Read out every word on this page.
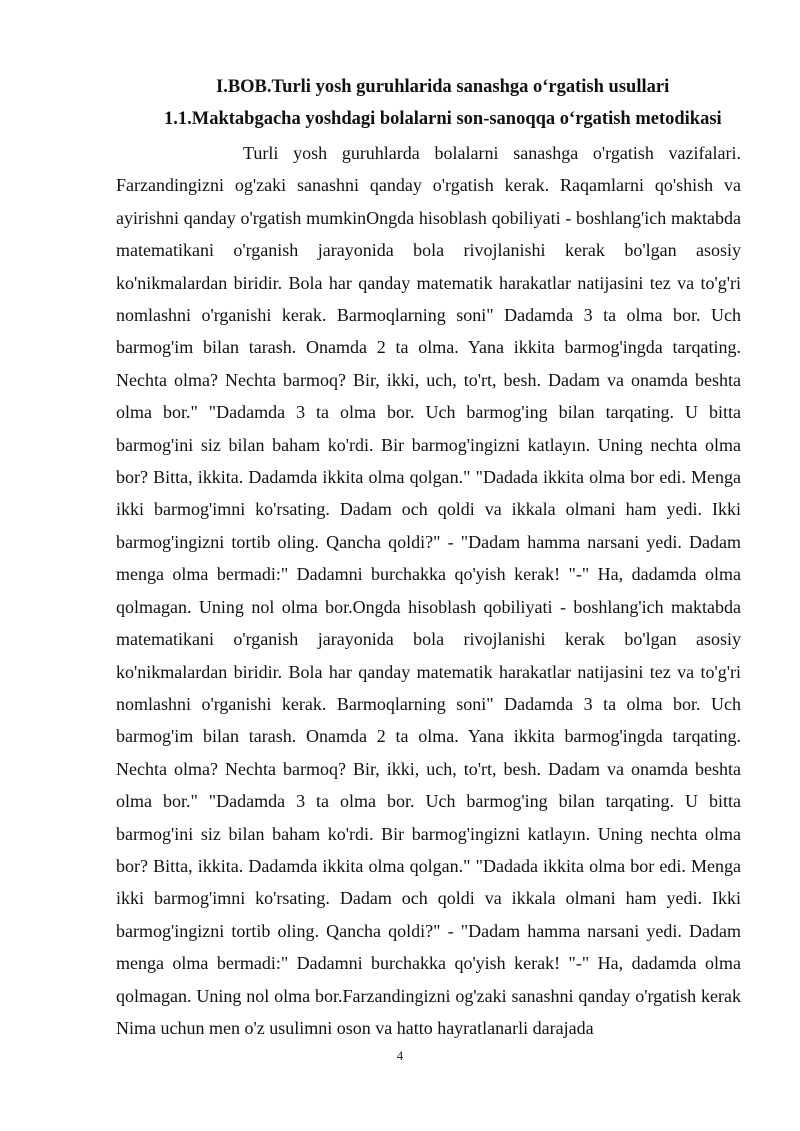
I.BOB.Turli yosh guruhlarida sanashga o‘rgatish usullari
1.1.Maktabgacha yoshdagi bolalarni son-sanoqqa o‘rgatish metodikasi

Turli yosh guruhlarda bolalarni sanashga o'rgatish vazifalari. Farzandingizni og'zaki sanashni qanday o'rgatish kerak. Raqamlarni qo'shish va ayirishni qanday o'rgatish mumkinOngda hisoblash qobiliyati - boshlang'ich maktabda matematikani o'rganish jarayonida bola rivojlanishi kerak bo'lgan asosiy ko'nikmalardan biridir. Bola har qanday matematik harakatlar natijasini tez va to'g'ri nomlashni o'rganishi kerak. Barmoqlarning soni" Dadamda 3 ta olma bor. Uch barmog'im bilan tarash. Onamda 2 ta olma. Yana ikkita barmog'ingda tarqating. Nechta olma? Nechta barmoq? Bir, ikki, uch, to'rt, besh. Dadam va onamda beshta olma bor." "Dadamda 3 ta olma bor. Uch barmog'ing bilan tarqating. U bitta barmog'ini siz bilan baham ko'rdi. Bir barmog'ingizni katlayın. Uning nechta olma bor? Bitta, ikkita. Dadamda ikkita olma qolgan." "Dadada ikkita olma bor edi. Menga ikki barmog'imni ko'rsating. Dadam och qoldi va ikkala olmani ham yedi. Ikki barmog'ingizni tortib oling. Qancha qoldi?" - "Dadam hamma narsani yedi. Dadam menga olma bermadi:" Dadamni burchakka qo'yish kerak! "-" Ha, dadamda olma qolmagan. Uning nol olma bor.Ongda hisoblash qobiliyati - boshlang'ich maktabda matematikani o'rganish jarayonida bola rivojlanishi kerak bo'lgan asosiy ko'nikmalardan biridir. Bola har qanday matematik harakatlar natijasini tez va to'g'ri nomlashni o'rganishi kerak. Barmoqlarning soni" Dadamda 3 ta olma bor. Uch barmog'im bilan tarash. Onamda 2 ta olma. Yana ikkita barmog'ingda tarqating. Nechta olma? Nechta barmoq? Bir, ikki, uch, to'rt, besh. Dadam va onamda beshta olma bor." "Dadamda 3 ta olma bor. Uch barmog'ing bilan tarqating. U bitta barmog'ini siz bilan baham ko'rdi. Bir barmog'ingizni katlayın. Uning nechta olma bor? Bitta, ikkita. Dadamda ikkita olma qolgan." "Dadada ikkita olma bor edi. Menga ikki barmog'imni ko'rsating. Dadam och qoldi va ikkala olmani ham yedi. Ikki barmog'ingizni tortib oling. Qancha qoldi?" - "Dadam hamma narsani yedi. Dadam menga olma bermadi:" Dadamni burchakka qo'yish kerak! "-" Ha, dadamda olma qolmagan. Uning nol olma bor.Farzandingizni og'zaki sanashni qanday o'rgatish kerak Nima uchun men o'z usulimni oson va hatto hayratlanarli darajada

4
